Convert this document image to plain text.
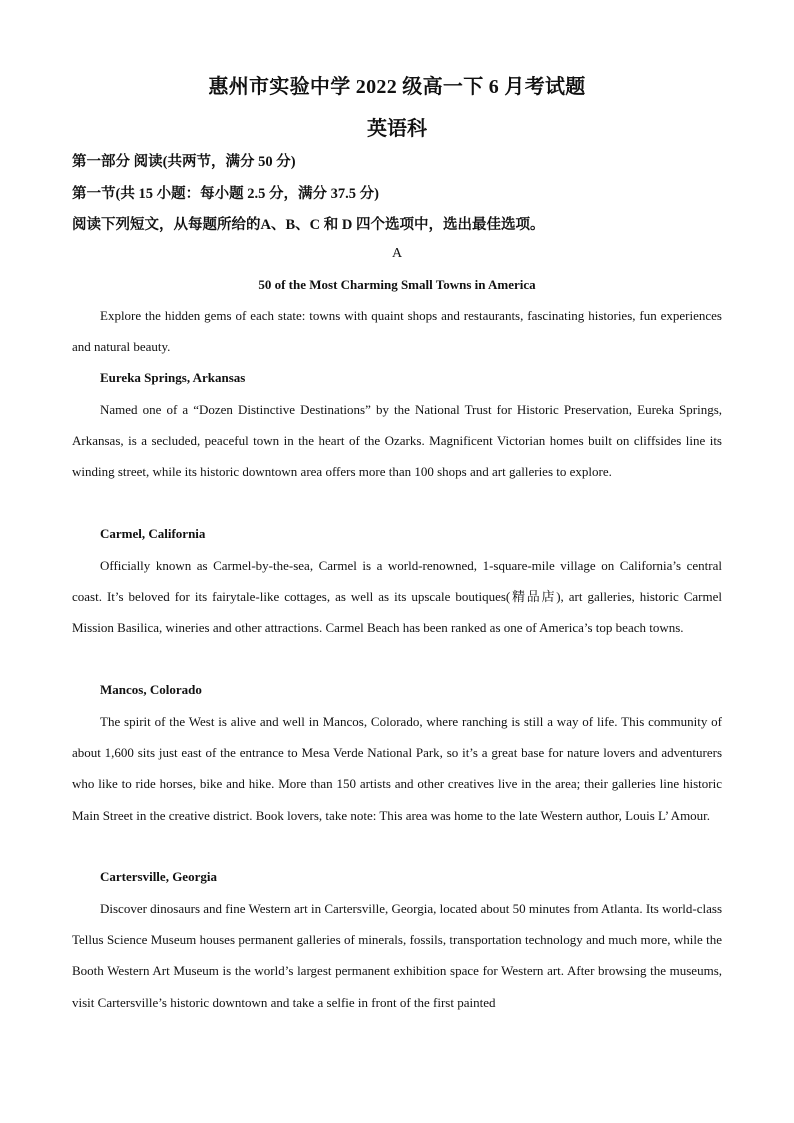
惠州市实验中学 2022 级高一下 6 月考试题
英语科
第一部分 阅读(共两节，满分 50 分)
第一节(共 15 小题：每小题 2.5 分，满分 37.5 分)
阅读下列短文，从每题所给的A、B、C 和 D 四个选项中，选出最佳选项。
A
50 of the Most Charming Small Towns in America
Explore the hidden gems of each state: towns with quaint shops and restaurants, fascinating histories, fun experiences and natural beauty.
Eureka Springs, Arkansas
Named one of a “Dozen Distinctive Destinations” by the National Trust for Historic Preservation, Eureka Springs, Arkansas, is a secluded, peaceful town in the heart of the Ozarks. Magnificent Victorian homes built on cliffsides line its winding street, while its historic downtown area offers more than 100 shops and art galleries to explore.
Carmel, California
Officially known as Carmel-by-the-sea, Carmel is a world-renowned, 1-square-mile village on California’s central coast. It’s beloved for its fairytale-like cottages, as well as its upscale boutiques(精品店), art galleries, historic Carmel Mission Basilica, wineries and other attractions. Carmel Beach has been ranked as one of America’s top beach towns.
Mancos, Colorado
The spirit of the West is alive and well in Mancos, Colorado, where ranching is still a way of life. This community of about 1,600 sits just east of the entrance to Mesa Verde National Park, so it’s a great base for nature lovers and adventurers who like to ride horses, bike and hike. More than 150 artists and other creatives live in the area; their galleries line historic Main Street in the creative district. Book lovers, take note: This area was home to the late Western author, Louis L’ Amour.
Cartersville, Georgia
Discover dinosaurs and fine Western art in Cartersville, Georgia, located about 50 minutes from Atlanta. Its world-class Tellus Science Museum houses permanent galleries of minerals, fossils, transportation technology and much more, while the Booth Western Art Museum is the world’s largest permanent exhibition space for Western art. After browsing the museums, visit Cartersville’s historic downtown and take a selfie in front of the first painted
